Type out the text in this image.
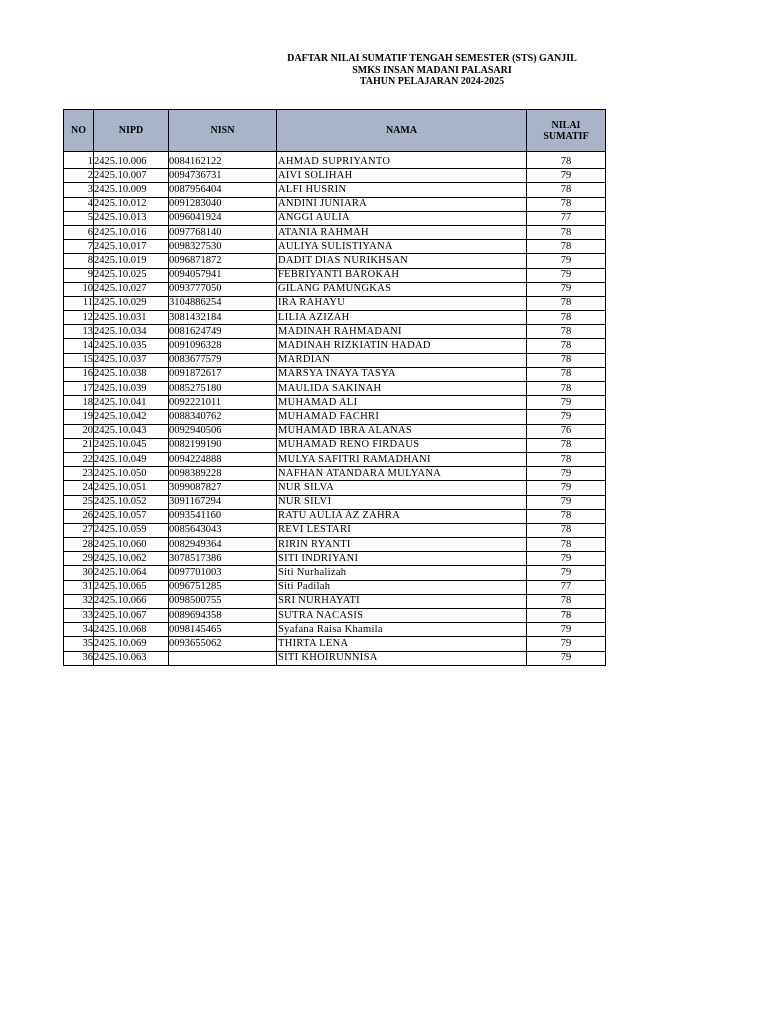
DAFTAR NILAI SUMATIF TENGAH SEMESTER (STS) GANJIL
SMKS INSAN MADANI PALASARI
TAHUN PELAJARAN 2024-2025
NO	NIPD	NISN	NAMA	NILAI
SUMATIF

1	2425.10.006	0084162122	AHMAD SUPRIYANTO	78
2	2425.10.007	0094736731	AIVI SOLIHAH	79
3	2425.10.009	0087956404	ALFI HUSRIN	78
4	2425.10.012	0091283040	ANDINI JUNIARA	78
5	2425.10.013	0096041924	ANGGI AULIA	77
6	2425.10.016	0097768140	ATANIA RAHMAH	78
7	2425.10.017	0098327530	AULIYA SULISTIYANA	78
8	2425.10.019	0096871872	DADIT DIAS NURIKHSAN	79
9	2425.10.025	0094057941	FEBRIYANTI BAROKAH	79
10	2425.10.027	0093777050	GILANG PAMUNGKAS	79
11	2425.10.029	3104886254	IRA RAHAYU	78
12	2425.10.031	3081432184	LILIA AZIZAH	78
13	2425.10.034	0081624749	MADINAH RAHMADANI	78
14	2425.10.035	0091096328	MADINAH RIZKIATIN HADAD	78
15	2425.10.037	0083677579	MARDIAN	78
16	2425.10.038	0091872617	MARSYA INAYA TASYA	78
17	2425.10.039	0085275180	MAULIDA SAKINAH	78
18	2425.10.041	0092221011	MUHAMAD ALI	79
19	2425.10.042	0088340762	MUHAMAD FACHRI	79
20	2425.10.043	0092940506	MUHAMAD IBRA ALANAS	76
21	2425.10.045	0082199190	MUHAMAD RENO FIRDAUS	78
22	2425.10.049	0094224888	MULYA SAFITRI RAMADHANI	78
23	2425.10.050	0098389228	NAFHAN ATANDARA MULYANA	79
24	2425.10.051	3099087827	NUR SILVA	79
25	2425.10.052	3091167294	NUR SILVI	79
26	2425.10.057	0093541160	RATU AULIA AZ ZAHRA	78
27	2425.10.059	0085643043	REVI LESTARI	78
28	2425.10.060	0082949364	RIRIN RYANTI	78
29	2425.10.062	3078517386	SITI INDRIYANI	79
30	2425.10.064	0097701003	Siti Nurhalizah	79
31	2425.10.065	0096751285	Siti Padilah	77
32	2425.10.066	0098500755	SRI NURHAYATI	78
33	2425.10.067	0089694358	SUTRA NACASIS	78
34	2425.10.068	0098145465	Syafana Raisa Khamila	79
35	2425.10.069	0093655062	THIRTA LENA	79
36	2425.10.063		SITI KHOIRUNNISA	79
